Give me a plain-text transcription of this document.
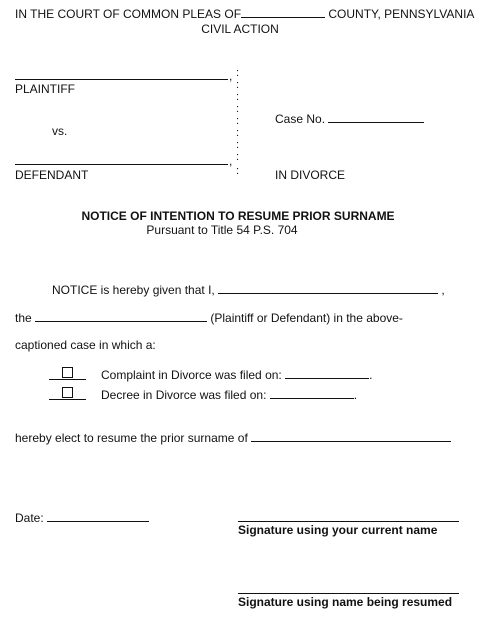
IN THE COURT OF COMMON PLEAS OF	COUNTY, PENNSYLVANIA
CIVIL ACTION
,
PLAINTIFF
vs.
,
DEFENDANT
:
:
:
:
:
:
:
:
:
Case No.
IN DIVORCE
NOTICE OF INTENTION TO RESUME PRIOR SURNAME
Pursuant to Title 54 P.S. 704
NOTICE is hereby given that I,	,
the	(Plaintiff or Defendant) in the above-
captioned case in which a:
Complaint in Divorce was filed on:	.
Decree in Divorce was filed on:	.
hereby elect to resume the prior surname of
Date:
Signature using your current name
Signature using name being resumed
